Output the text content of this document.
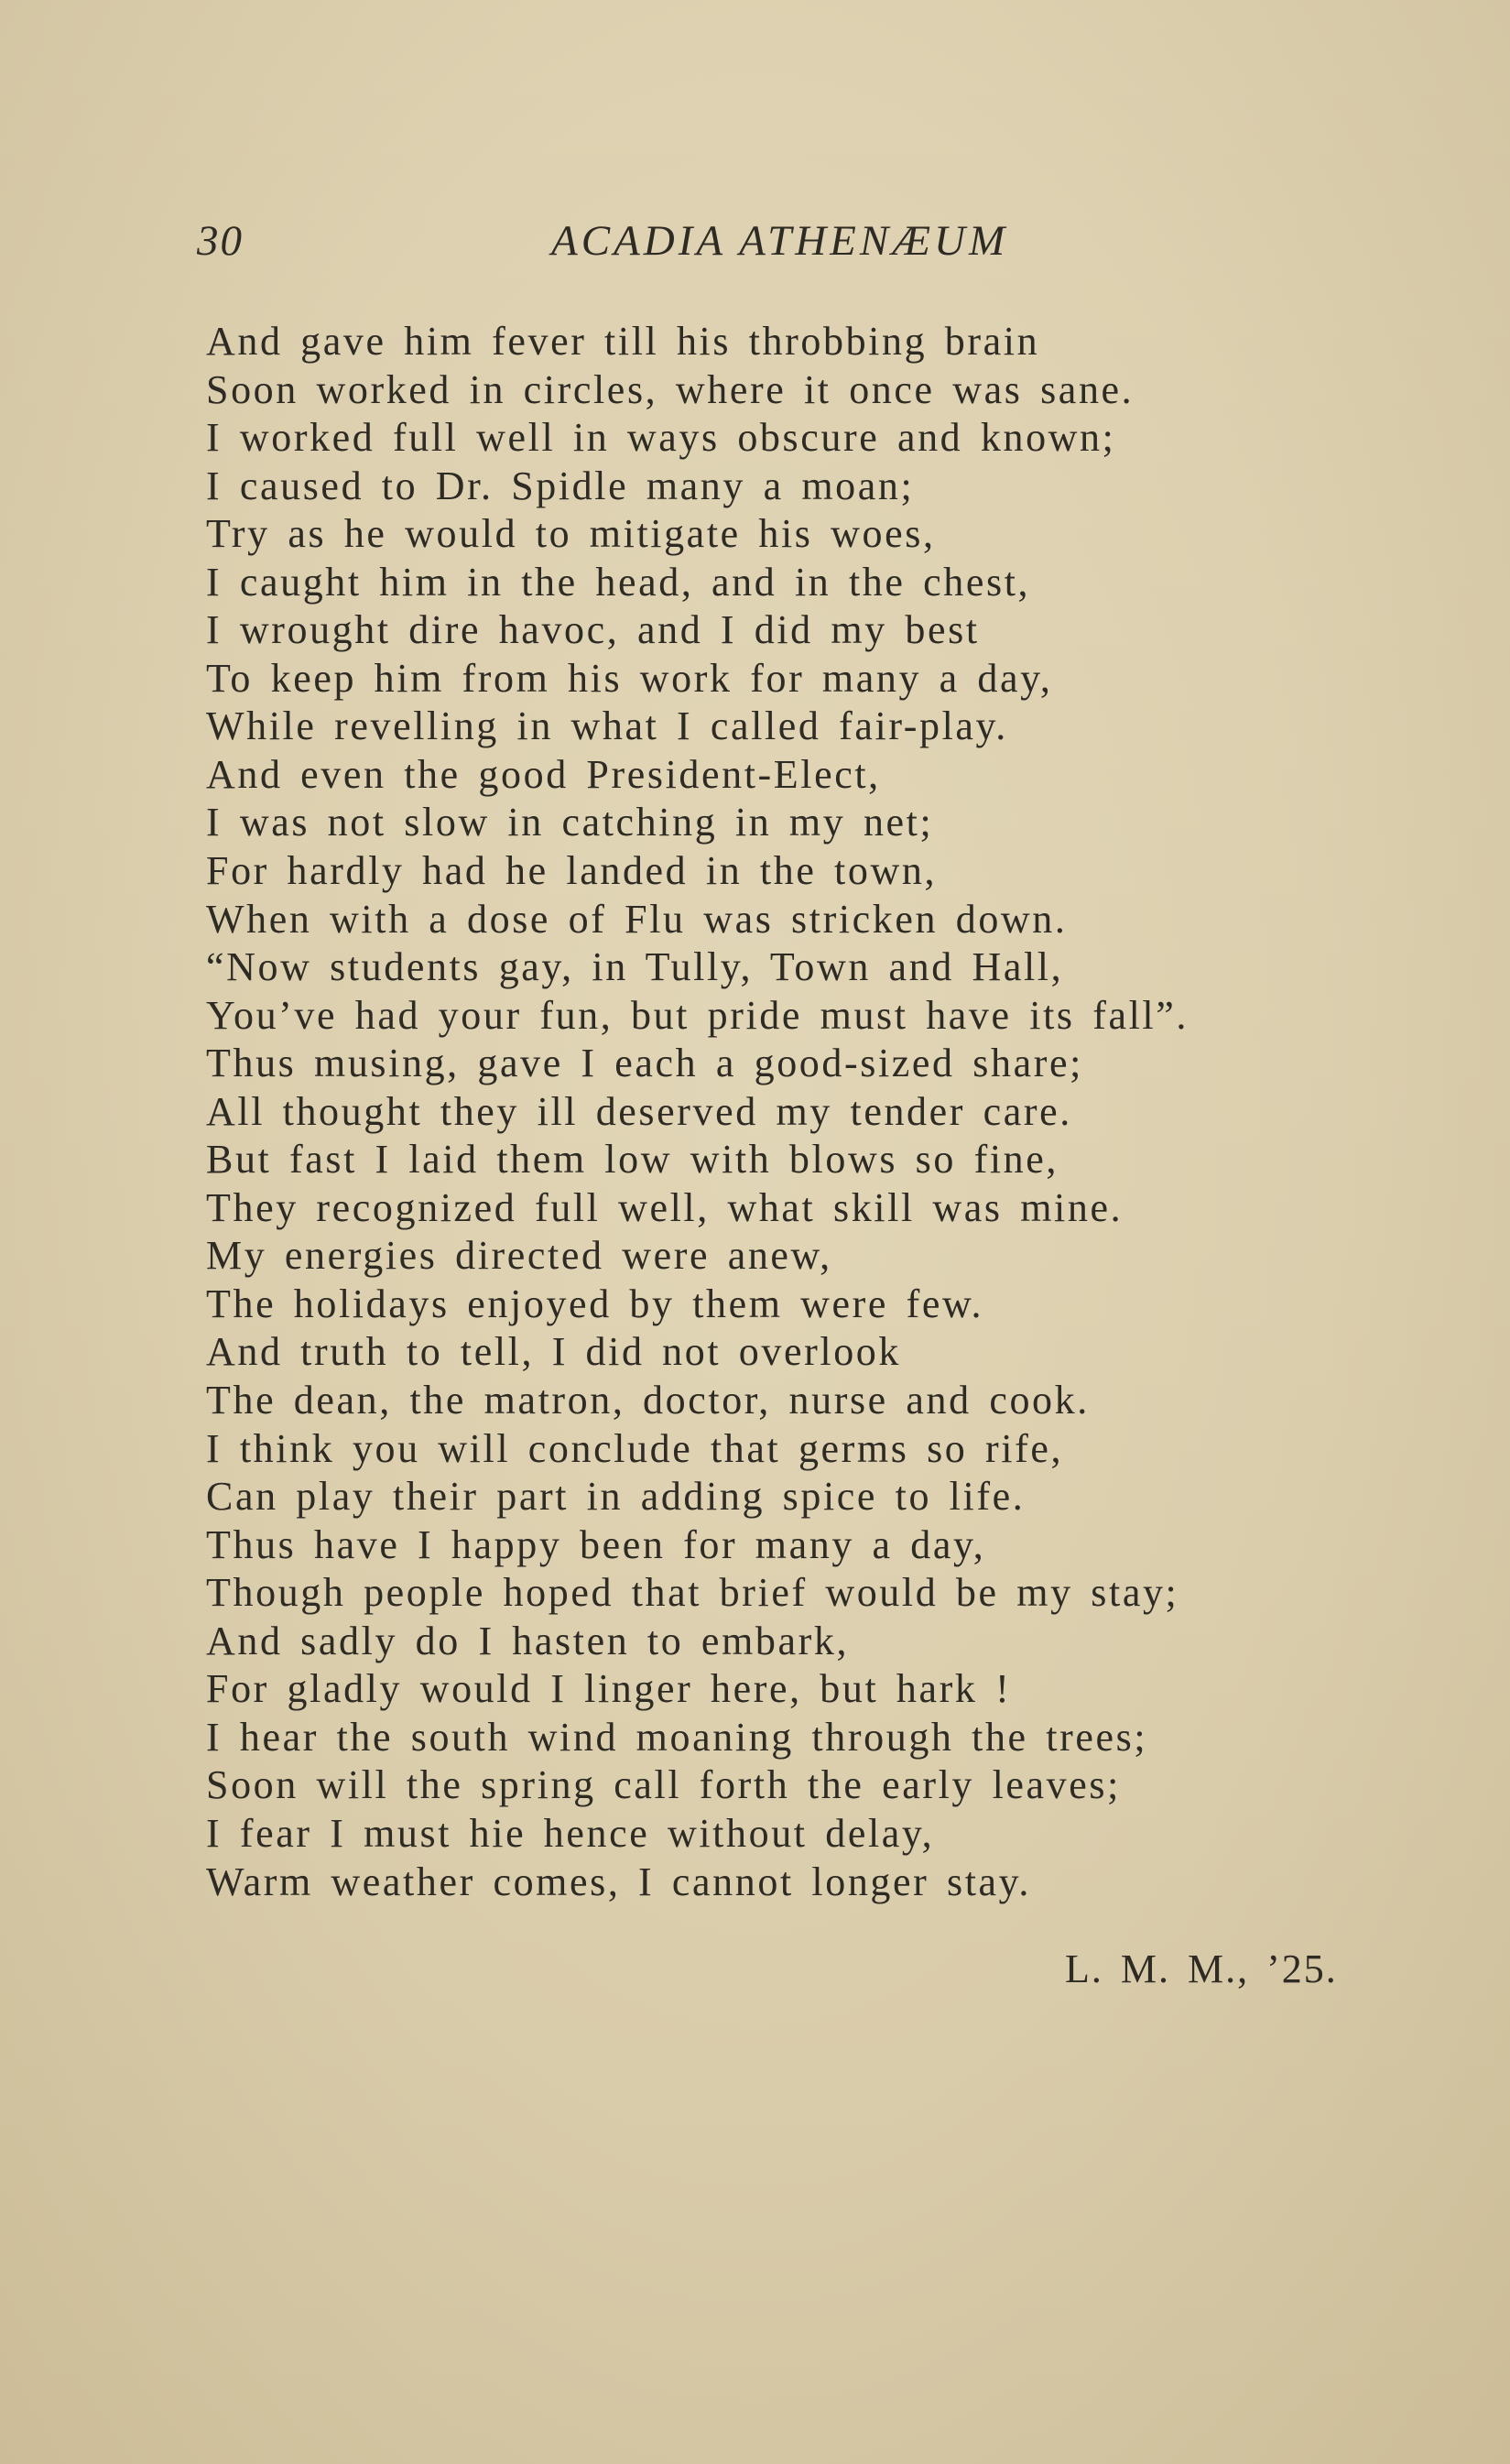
30	ACADIA ATHENÆUM
And gave him fever till his throbbing brain
Soon worked in circles, where it once was sane.
I worked full well in ways obscure and known;
I caused to Dr. Spidle many a moan;
Try as he would to mitigate his woes,
I caught him in the head, and in the chest,
I wrought dire havoc, and I did my best
To keep him from his work for many a day,
While revelling in what I called fair-play.
And even the good President-Elect,
I was not slow in catching in my net;
For hardly had he landed in the town,
When with a dose of Flu was stricken down.
“Now students gay, in Tully, Town and Hall,
You’ve had your fun, but pride must have its fall”.
Thus musing, gave I each a good-sized share;
All thought they ill deserved my tender care.
But fast I laid them low with blows so fine,
They recognized full well, what skill was mine.
My energies directed were anew,
The holidays enjoyed by them were few.
And truth to tell, I did not overlook
The dean, the matron, doctor, nurse and cook.
I think you will conclude that germs so rife,
Can play their part in adding spice to life.
Thus have I happy been for many a day,
Though people hoped that brief would be my stay;
And sadly do I hasten to embark,
For gladly would I linger here, but hark !
I hear the south wind moaning through the trees;
Soon will the spring call forth the early leaves;
I fear I must hie hence without delay,
Warm weather comes, I cannot longer stay.
L. M. M., ’25.
